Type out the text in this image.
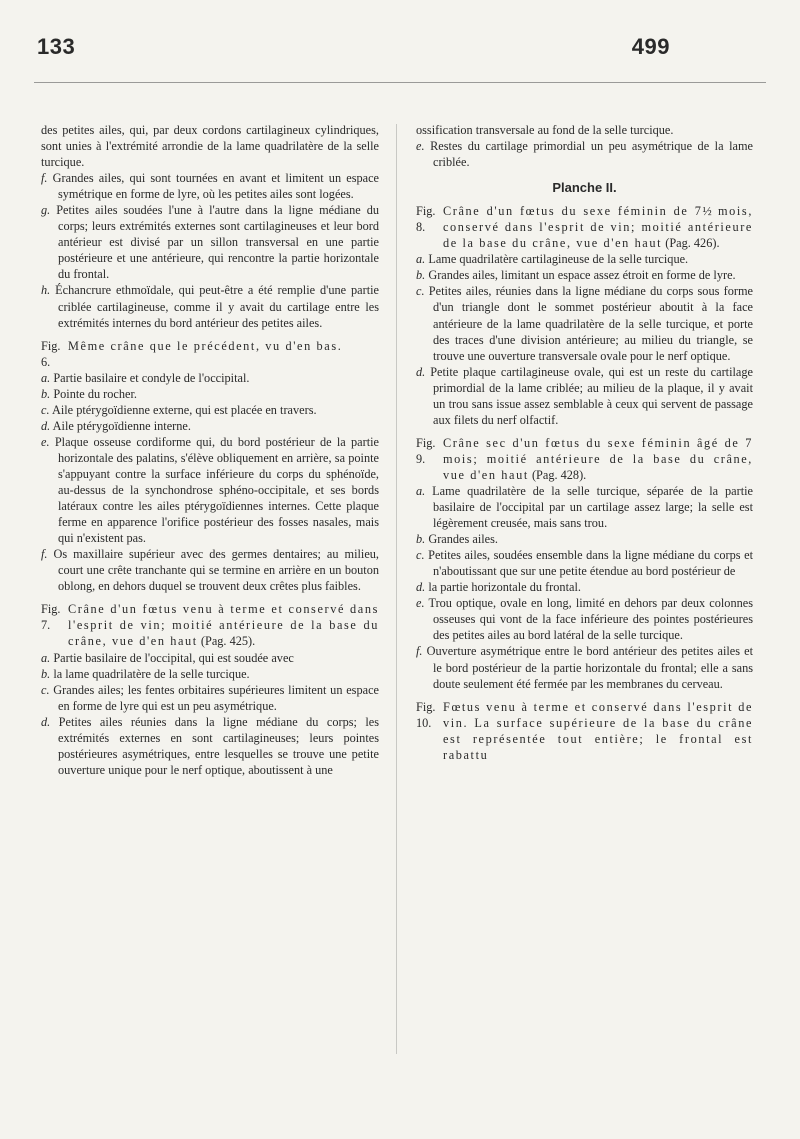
133	499

des petites ailes, qui, par deux cordons cartilagineux cylindriques, sont unies à l'extrémité arrondie de la lame quadrilatère de la selle turcique.

f. Grandes ailes, qui sont tournées en avant et limitent un espace symétrique en forme de lyre, où les petites ailes sont logées.

g. Petites ailes soudées l'une à l'autre dans la ligne médiane du corps; leurs extrémités externes sont cartilagineuses et leur bord antérieur est divisé par un sillon transversal en une partie postérieure et une antérieure, qui rencontre la partie horizontale du frontal.

h. Échancrure ethmoïdale, qui peut-être a été remplie d'une partie criblée cartilagineuse, comme il y avait du cartilage entre les extrémités internes du bord antérieur des petites ailes.

Fig. 6.
Même crâne que le précédent, vu d'en bas.

a. Partie basilaire et condyle de l'occipital.

b. Pointe du rocher.

c. Aile ptérygoïdienne externe, qui est placée en travers.

d. Aile ptérygoïdienne interne.

e. Plaque osseuse cordiforme qui, du bord postérieur de la partie horizontale des palatins, s'élève obliquement en arrière, sa pointe s'appuyant contre la surface inférieure du corps du sphénoïde, au-dessus de la synchondrose sphéno-occipitale, et ses bords latéraux contre les ailes ptérygoïdiennes internes. Cette plaque ferme en apparence l'orifice postérieur des fosses nasales, mais qui n'existent pas.

f. Os maxillaire supérieur avec des germes dentaires; au milieu, court une crête tranchante qui se termine en arrière en un bouton oblong, en dehors duquel se trouvent deux crêtes plus faibles.

Fig. 7.
Crâne d'un fœtus venu à terme et conservé dans l'esprit de vin; moitié antérieure de la base du crâne, vue d'en haut (Pag. 425).

a. Partie basilaire de l'occipital, qui est soudée avec

b. la lame quadrilatère de la selle turcique.

c. Grandes ailes; les fentes orbitaires supérieures limitent un espace en forme de lyre qui est un peu asymétrique.

d. Petites ailes réunies dans la ligne médiane du corps; les extrémités externes en sont cartilagineuses; leurs pointes postérieures asymétriques, entre lesquelles se trouve une petite ouverture unique pour le nerf optique, aboutissent à une

ossification transversale au fond de la selle turcique.

e. Restes du cartilage primordial un peu asymétrique de la lame criblée.

Planche II.
Fig. 8.
Crâne d'un fœtus du sexe féminin de 7½ mois, conservé dans l'esprit de vin; moitié antérieure de la base du crâne, vue d'en haut (Pag. 426).

a. Lame quadrilatère cartilagineuse de la selle turcique.

b. Grandes ailes, limitant un espace assez étroit en forme de lyre.

c. Petites ailes, réunies dans la ligne médiane du corps sous forme d'un triangle dont le sommet postérieur aboutit à la face antérieure de la lame quadrilatère de la selle turcique, et porte des traces d'une division antérieure; au milieu du triangle, se trouve une ouverture transversale ovale pour le nerf optique.

d. Petite plaque cartilagineuse ovale, qui est un reste du cartilage primordial de la lame criblée; au milieu de la plaque, il y avait un trou sans issue assez semblable à ceux qui servent de passage aux filets du nerf olfactif.

Fig. 9.
Crâne sec d'un fœtus du sexe féminin âgé de 7 mois; moitié antérieure de la base du crâne, vue d'en haut (Pag. 428).

a. Lame quadrilatère de la selle turcique, séparée de la partie basilaire de l'occipital par un cartilage assez large; la selle est légèrement creusée, mais sans trou.

b. Grandes ailes.

c. Petites ailes, soudées ensemble dans la ligne médiane du corps et n'aboutissant que sur une petite étendue au bord postérieur de

d. la partie horizontale du frontal.

e. Trou optique, ovale en long, limité en dehors par deux colonnes osseuses qui vont de la face inférieure des pointes postérieures des petites ailes au bord latéral de la selle turcique.

f. Ouverture asymétrique entre le bord antérieur des petites ailes et le bord postérieur de la partie horizontale du frontal; elle a sans doute seulement été fermée par les membranes du cerveau.

Fig. 10.
Fœtus venu à terme et conservé dans l'esprit de vin. La surface supérieure de la base du crâne est représentée tout entière; le frontal est rabattu
